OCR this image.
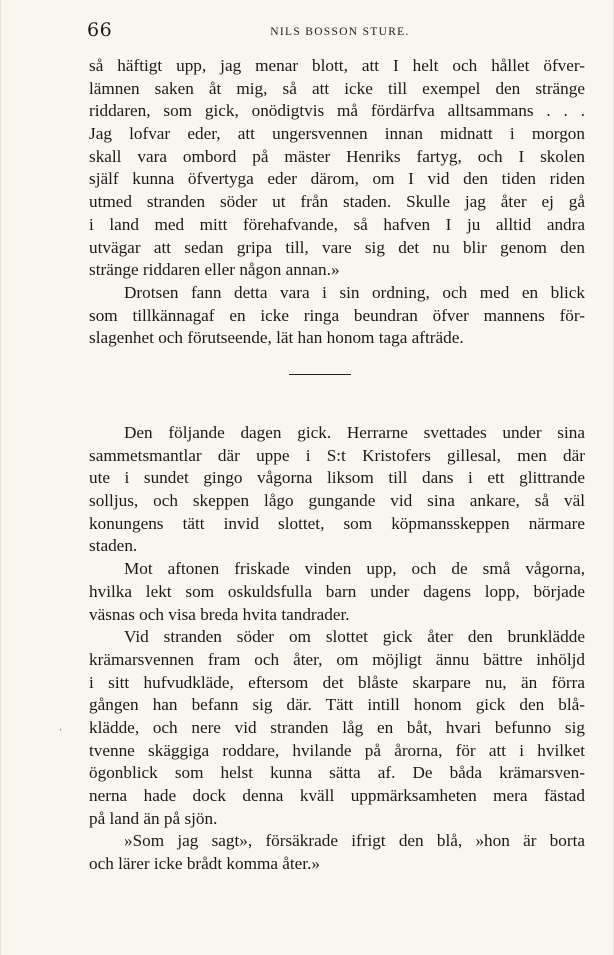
66	NILS BOSSON STURE.
så häftigt upp, jag menar blott, att I helt och hållet öfver-
lämnen saken åt mig, så att icke till exempel den stränge
riddaren, som gick, onödigtvis må fördärfva alltsammans . . .
Jag lofvar eder, att ungersvennen innan midnatt i morgon
skall vara ombord på mäster Henriks fartyg, och I skolen
själf kunna öfvertyga eder därom, om I vid den tiden riden
utmed stranden söder ut från staden. Skulle jag åter ej gå
i land med mitt förehafvande, så hafven I ju alltid andra
utvägar att sedan gripa till, vare sig det nu blir genom den
stränge riddaren eller någon annan.»
Drotsen fann detta vara i sin ordning, och med en blick
som tillkännagaf en icke ringa beundran öfver mannens för-
slagenhet och förutseende, lät han honom taga afträde.
Den följande dagen gick. Herrarne svettades under sina
sammetsmantlar där uppe i S:t Kristofers gillesal, men där
ute i sundet gingo vågorna liksom till dans i ett glittrande
solljus, och skeppen lågo gungande vid sina ankare, så väl
konungens tätt invid slottet, som köpmansskeppen närmare
staden.
Mot aftonen friskade vinden upp, och de små vågorna,
hvilka lekt som oskuldsfulla barn under dagens lopp, började
väsnas och visa breda hvita tandrader.
Vid stranden söder om slottet gick åter den brunklädde
krämarsvennen fram och åter, om möjligt ännu bättre inhöljd
i sitt hufvudkläde, eftersom det blåste skarpare nu, än förra
gången han befann sig där. Tätt intill honom gick den blå-
klädde, och nere vid stranden låg en båt, hvari befunno sig
tvenne skäggiga roddare, hvilande på årorna, för att i hvilket
ögonblick som helst kunna sätta af. De båda krämarsven-
nerna hade dock denna kväll uppmärksamheten mera fästad
på land än på sjön.
»Som jag sagt», försäkrade ifrigt den blå, »hon är borta
och lärer icke brådt komma åter.»
,
